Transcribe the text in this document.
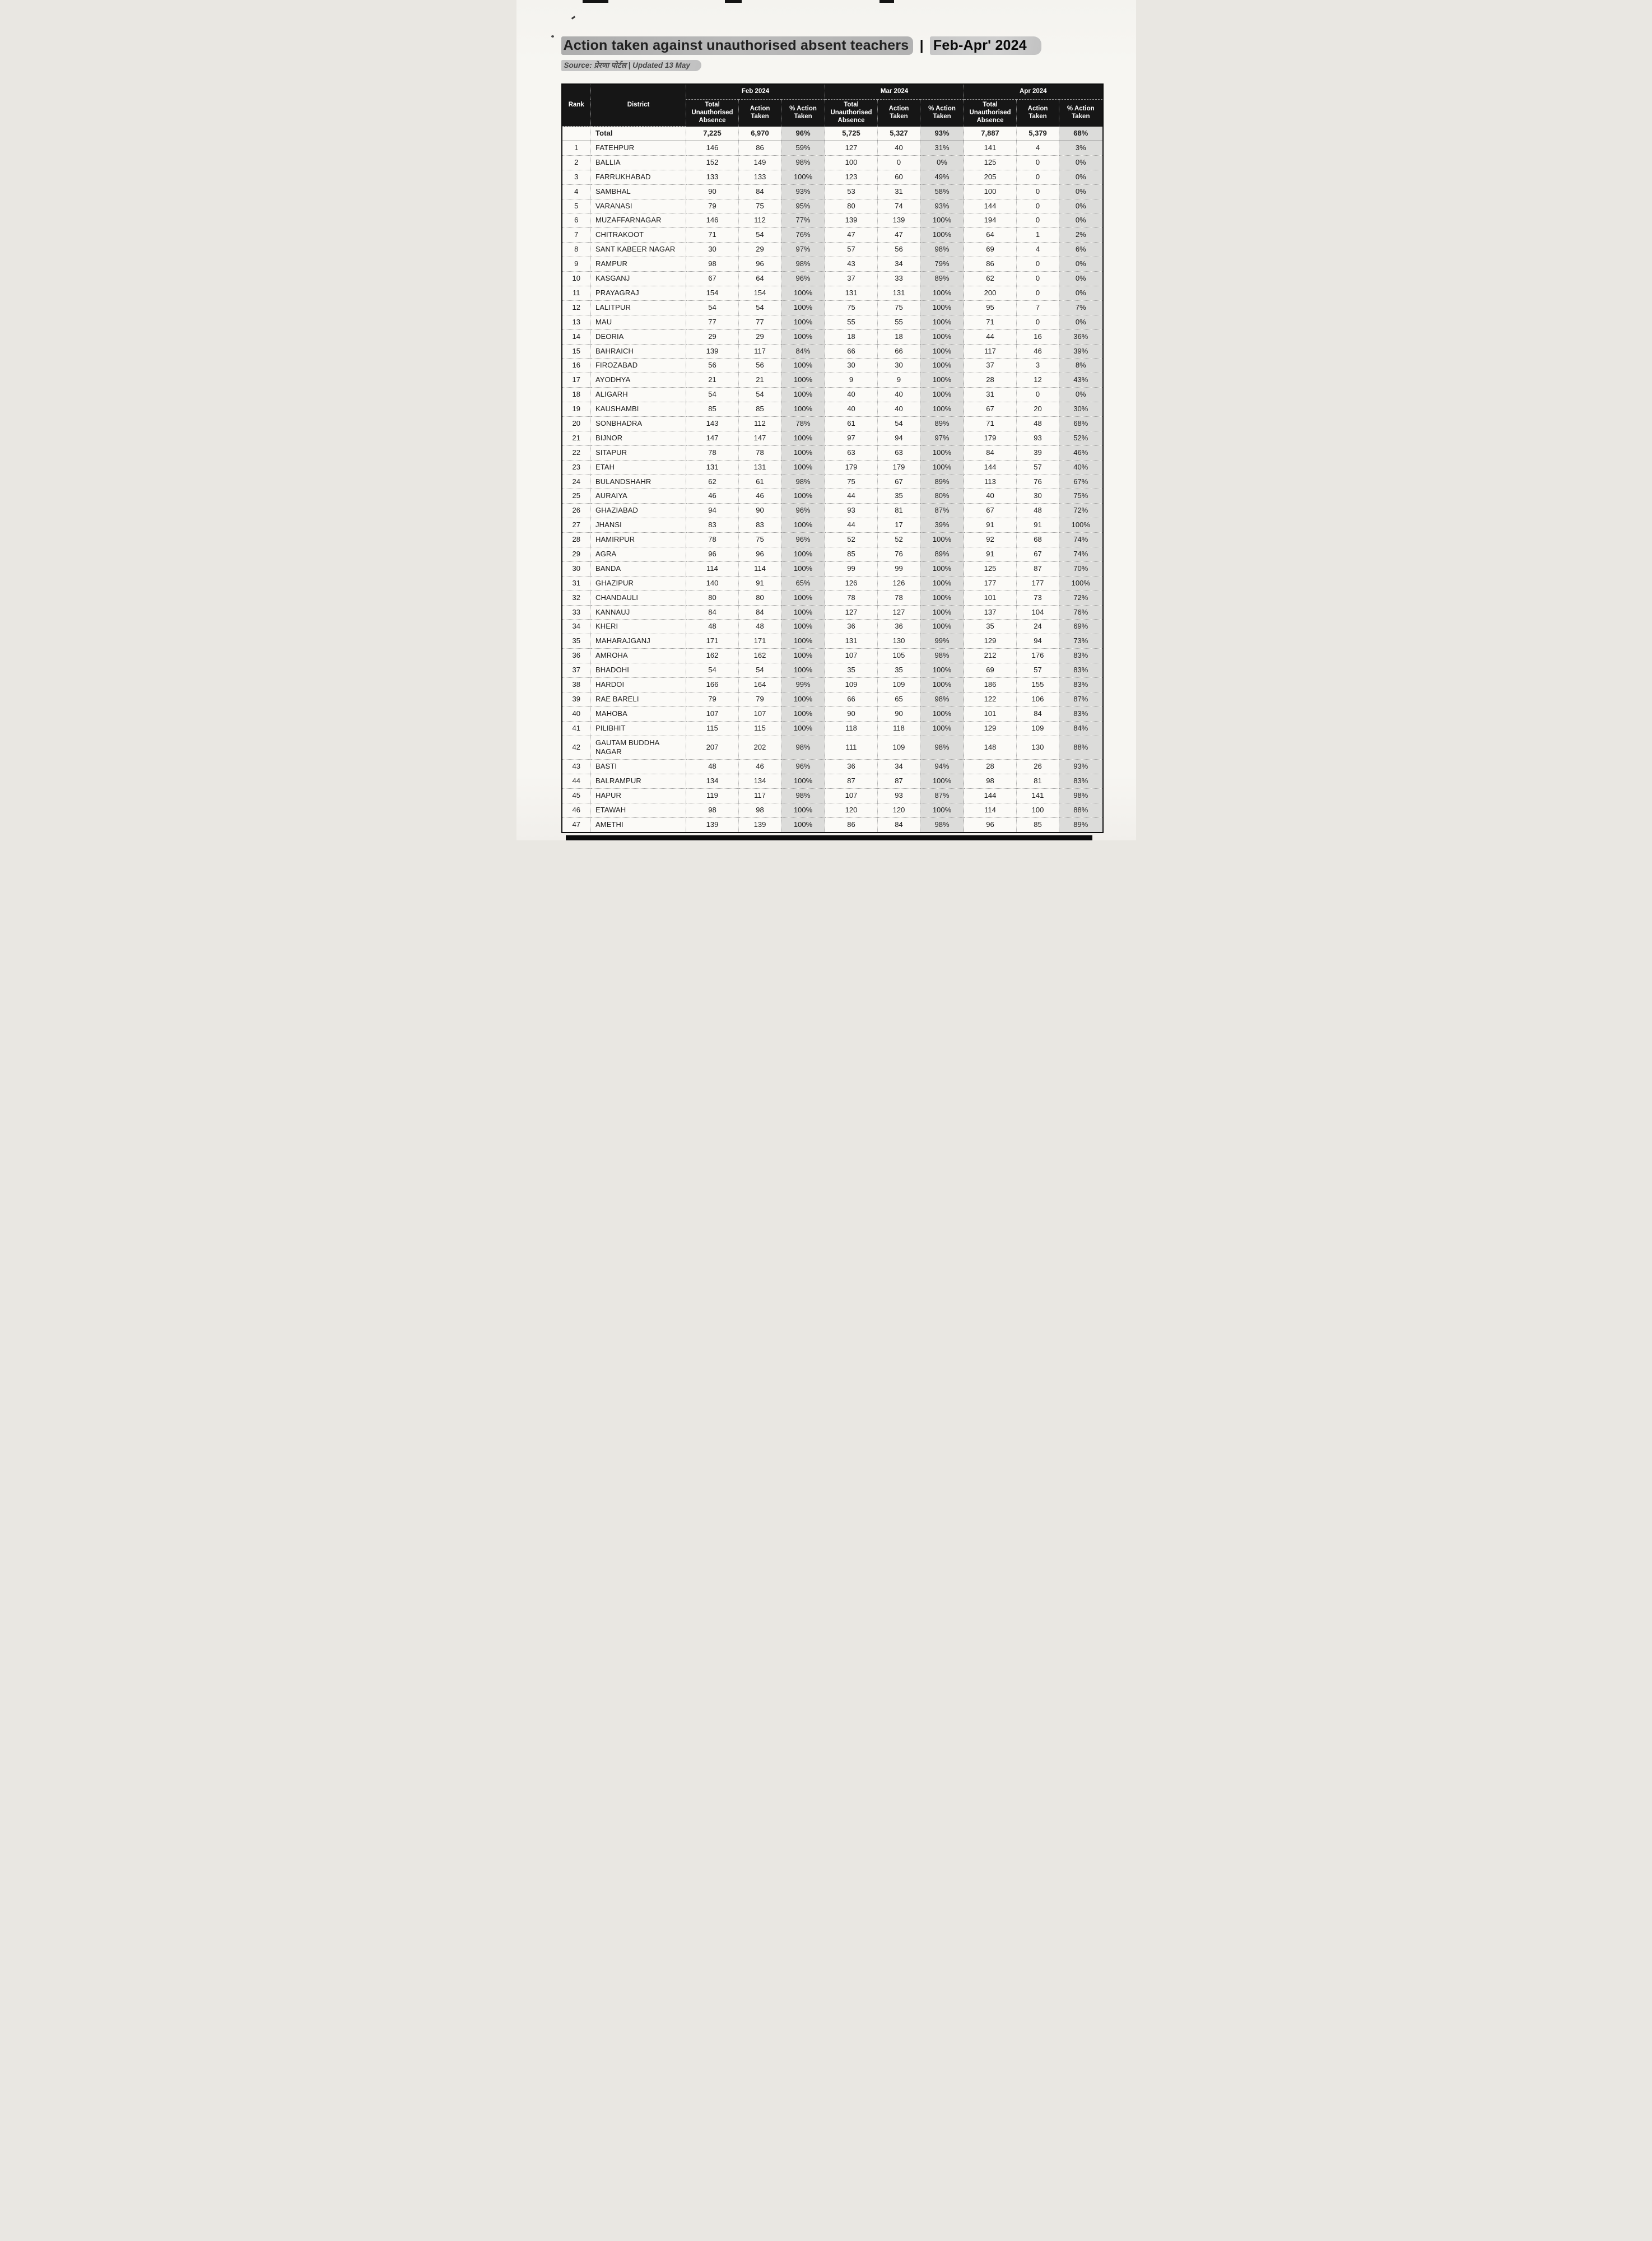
Action taken against unauthorised absent teachers | Feb-Apr' 2024
Source: प्रेरणा पोर्टल | Updated 13 May
Rank	District	Feb 2024			Mar 2024			Apr 2024		
		Total Unauthorised Absence	Action Taken	% Action Taken	Total Unauthorised Absence	Action Taken	% Action Taken	Total Unauthorised Absence	Action Taken	% Action Taken
	Total	7,225	6,970	96%	5,725	5,327	93%	7,887	5,379	68%
1	FATEHPUR	146	86	59%	127	40	31%	141	4	3%
2	BALLIA	152	149	98%	100	0	0%	125	0	0%
3	FARRUKHABAD	133	133	100%	123	60	49%	205	0	0%
4	SAMBHAL	90	84	93%	53	31	58%	100	0	0%
5	VARANASI	79	75	95%	80	74	93%	144	0	0%
6	MUZAFFARNAGAR	146	112	77%	139	139	100%	194	0	0%
7	CHITRAKOOT	71	54	76%	47	47	100%	64	1	2%
8	SANT KABEER NAGAR	30	29	97%	57	56	98%	69	4	6%
9	RAMPUR	98	96	98%	43	34	79%	86	0	0%
10	KASGANJ	67	64	96%	37	33	89%	62	0	0%
11	PRAYAGRAJ	154	154	100%	131	131	100%	200	0	0%
12	LALITPUR	54	54	100%	75	75	100%	95	7	7%
13	MAU	77	77	100%	55	55	100%	71	0	0%
14	DEORIA	29	29	100%	18	18	100%	44	16	36%
15	BAHRAICH	139	117	84%	66	66	100%	117	46	39%
16	FIROZABAD	56	56	100%	30	30	100%	37	3	8%
17	AYODHYA	21	21	100%	9	9	100%	28	12	43%
18	ALIGARH	54	54	100%	40	40	100%	31	0	0%
19	KAUSHAMBI	85	85	100%	40	40	100%	67	20	30%
20	SONBHADRA	143	112	78%	61	54	89%	71	48	68%
21	BIJNOR	147	147	100%	97	94	97%	179	93	52%
22	SITAPUR	78	78	100%	63	63	100%	84	39	46%
23	ETAH	131	131	100%	179	179	100%	144	57	40%
24	BULANDSHAHR	62	61	98%	75	67	89%	113	76	67%
25	AURAIYA	46	46	100%	44	35	80%	40	30	75%
26	GHAZIABAD	94	90	96%	93	81	87%	67	48	72%
27	JHANSI	83	83	100%	44	17	39%	91	91	100%
28	HAMIRPUR	78	75	96%	52	52	100%	92	68	74%
29	AGRA	96	96	100%	85	76	89%	91	67	74%
30	BANDA	114	114	100%	99	99	100%	125	87	70%
31	GHAZIPUR	140	91	65%	126	126	100%	177	177	100%
32	CHANDAULI	80	80	100%	78	78	100%	101	73	72%
33	KANNAUJ	84	84	100%	127	127	100%	137	104	76%
34	KHERI	48	48	100%	36	36	100%	35	24	69%
35	MAHARAJGANJ	171	171	100%	131	130	99%	129	94	73%
36	AMROHA	162	162	100%	107	105	98%	212	176	83%
37	BHADOHI	54	54	100%	35	35	100%	69	57	83%
38	HARDOI	166	164	99%	109	109	100%	186	155	83%
39	RAE BARELI	79	79	100%	66	65	98%	122	106	87%
40	MAHOBA	107	107	100%	90	90	100%	101	84	83%
41	PILIBHIT	115	115	100%	118	118	100%	129	109	84%
42	GAUTAM BUDDHA NAGAR	207	202	98%	111	109	98%	148	130	88%
43	BASTI	48	46	96%	36	34	94%	28	26	93%
44	BALRAMPUR	134	134	100%	87	87	100%	98	81	83%
45	HAPUR	119	117	98%	107	93	87%	144	141	98%
46	ETAWAH	98	98	100%	120	120	100%	114	100	88%
47	AMETHI	139	139	100%	86	84	98%	96	85	89%
